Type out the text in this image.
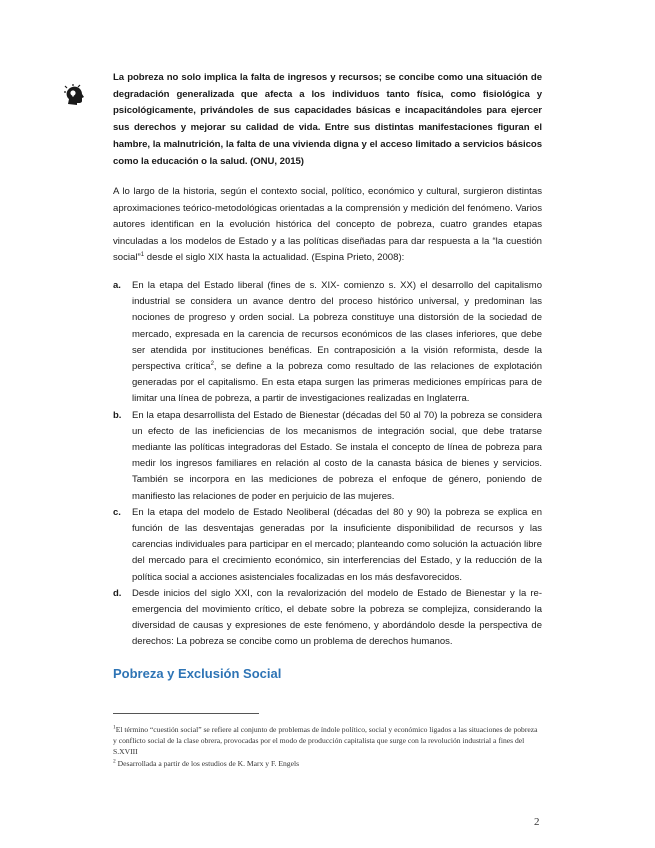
La pobreza no solo implica la falta de ingresos y recursos; se concibe como una situación de degradación generalizada que afecta a los individuos tanto física, como fisiológica y psicológicamente, privándoles de sus capacidades básicas e incapacitándoles para ejercer sus derechos y mejorar su calidad de vida. Entre sus distintas manifestaciones figuran el hambre, la malnutrición, la falta de una vivienda digna y el acceso limitado a servicios básicos como la educación o la salud. (ONU, 2015)
A lo largo de la historia, según el contexto social, político, económico y cultural, surgieron distintas aproximaciones teórico-metodológicas orientadas a la comprensión y medición del fenómeno. Varios autores identifican en la evolución histórica del concepto de pobreza, cuatro grandes etapas vinculadas a los modelos de Estado y a las políticas diseñadas para dar respuesta a la “la cuestión social”$^1$ desde el siglo XIX hasta la actualidad. (Espina Prieto, 2008):
a. En la etapa del Estado liberal (fines de s. XIX- comienzo s. XX) el desarrollo del capitalismo industrial se considera un avance dentro del proceso histórico universal, y predominan las nociones de progreso y orden social. La pobreza constituye una distorsión de la sociedad de mercado, expresada en la carencia de recursos económicos de las clases inferiores, que debe ser atendida por instituciones benéficas. En contraposición a la visión reformista, desde la perspectiva crítica$^2$, se define a la pobreza como resultado de las relaciones de explotación generadas por el capitalismo. En esta etapa surgen las primeras mediciones empíricas para de limitar una línea de pobreza, a partir de investigaciones realizadas en Inglaterra.
b. En la etapa desarrollista del Estado de Bienestar (décadas del 50 al 70) la pobreza se considera un efecto de las ineficiencias de los mecanismos de integración social, que debe tratarse mediante las políticas integradoras del Estado. Se instala el concepto de línea de pobreza para medir los ingresos familiares en relación al costo de la canasta básica de bienes y servicios. También se incorpora en las mediciones de pobreza el enfoque de género, poniendo de manifiesto las relaciones de poder en perjuicio de las mujeres.
c. En la etapa del modelo de Estado Neoliberal (décadas del 80 y 90) la pobreza se explica en función de las desventajas generadas por la insuficiente disponibilidad de recursos y las carencias individuales para participar en el mercado; planteando como solución la actuación libre del mercado para el crecimiento económico, sin interferencias del Estado, y la reducción de la política social a acciones asistenciales focalizadas en los más desfavorecidos.
d. Desde inicios del siglo XXI, con la revalorización del modelo de Estado de Bienestar y la re-emergencia del movimiento crítico, el debate sobre la pobreza se complejiza, considerando la diversidad de causas y expresiones de este fenómeno, y abordándolo desde la perspectiva de derechos: La pobreza se concibe como un problema de derechos humanos.
Pobreza y Exclusión Social

$^1$El término “cuestión social” se refiere al conjunto de problemas de índole político, social y económico ligados a las situaciones de pobreza y conflicto social de la clase obrera, provocadas por el modo de producción capitalista que surge con la revolución industrial a fines del S.XVIII

$^2$ Desarrollada a partir de los estudios de K. Marx y F. Engels

2
